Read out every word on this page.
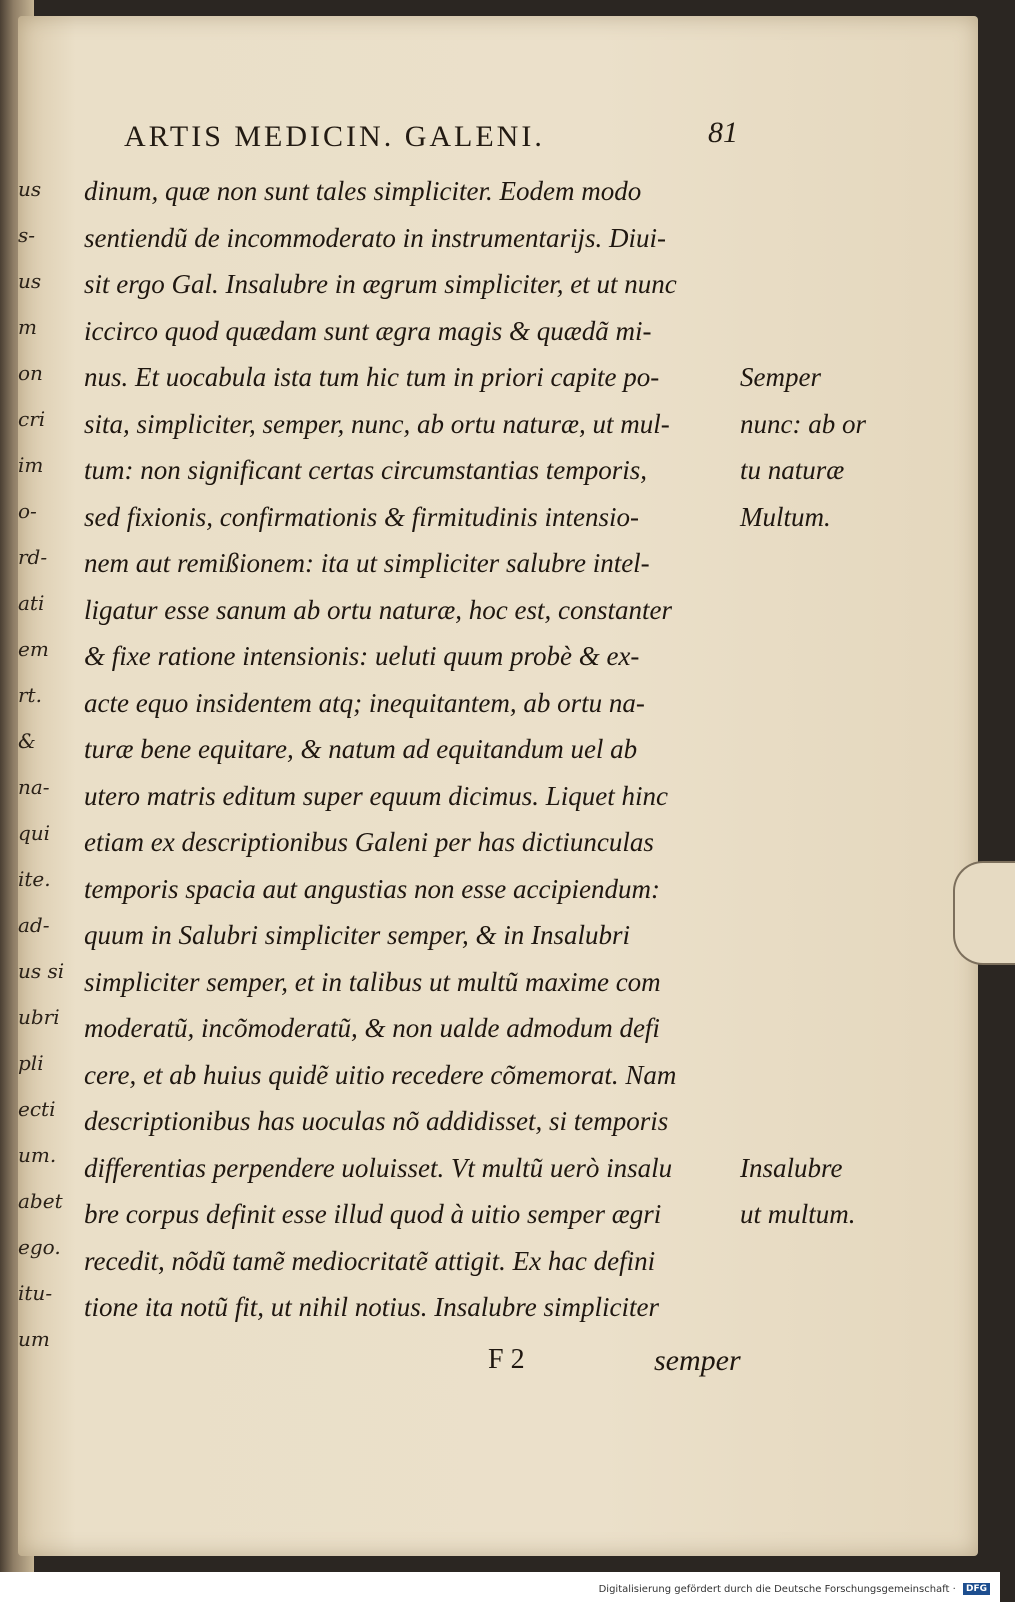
us
s-
us
m
on
cri
im
o-
rd-
ati
em
rt.
&
na-
qui
ite.
ad-
us si
ubri
pli
ecti
um.
abet
ego.
itu-
um
ARTIS MEDICIN. GALENI.	81
dinum, quæ non sunt tales simpliciter. Eodem modo
sentiendũ de incommoderato in instrumentarijs. Diui-
sit ergo Gal. Insalubre in ægrum simpliciter, et ut nunc
iccirco quod quædam sunt ægra magis & quædã mi-
nus. Et uocabula ista tum hic tum in priori capite po-
sita, simpliciter, semper, nunc, ab ortu naturæ, ut mul-
tum: non significant certas circumstantias temporis,
sed fixionis, confirmationis & firmitudinis intensio-
nem aut remißionem: ita ut simpliciter salubre intel-
ligatur esse sanum ab ortu naturæ, hoc est, constanter
& fixe ratione intensionis: ueluti quum probè & ex-
acte equo insidentem atq; inequitantem, ab ortu na-
turæ bene equitare, & natum ad equitandum uel ab
utero matris editum super equum dicimus. Liquet hinc
etiam ex descriptionibus Galeni per has dictiunculas
temporis spacia aut angustias non esse accipiendum:
quum in Salubri simpliciter semper, & in Insalubri
simpliciter semper, et in talibus ut multũ maxime com
moderatũ, incõmoderatũ, & non ualde admodum defi
cere, et ab huius quidẽ uitio recedere cõmemorat. Nam
descriptionibus has uoculas nõ addidisset, si temporis
differentias perpendere uoluisset. Vt multũ uerò insalu
bre corpus definit esse illud quod à uitio semper ægri
recedit, nõdũ tamẽ mediocritatẽ attigit. Ex hac defini
tione ita notũ fit, ut nihil notius. Insalubre simpliciter
Semper
nunc: ab or
tu naturæ
Multum.
Insalubre
ut multum.
F 2	semper
Digitalisierung gefördert durch die Deutsche Forschungsgemeinschaft · DFG
